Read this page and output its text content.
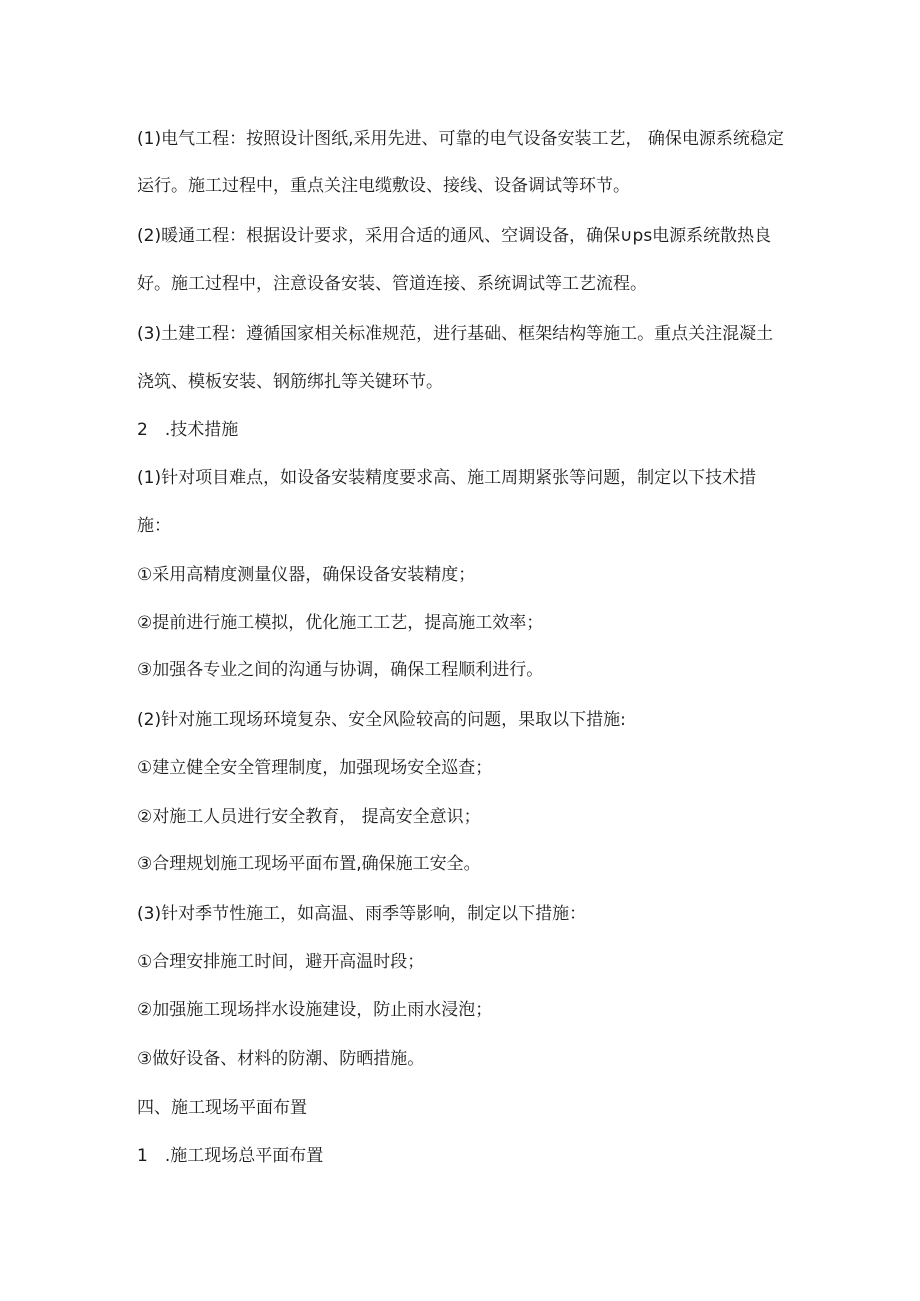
(1)电气工程：按照设计图纸,采用先进、可靠的电气设备安装工艺， 确保电源系统稳定

运行。施工过程中，重点关注电缆敷设、接线、设备调试等环节。

(2)暖通工程：根据设计要求，采用合适的通风、空调设备，确保∪ps电源系统散热良

好。施工过程中，注意设备安装、管道连接、系统调试等工艺流程。

(3)土建工程：遵循国家相关标准规范，进行基础、框架结构等施工。重点关注混凝土

浇筑、模板安装、钢筋绑扎等关键环节。

2　.技术措施

(1)针对项目难点，如设备安装精度要求高、施工周期紧张等问题，制定以下技术措

施：

①采用高精度测量仪器，确保设备安装精度；

②提前进行施工模拟，优化施工工艺，提高施工效率；

③加强各专业之间的沟通与协调，确保工程顺利进行。

(2)针对施工现场环境复杂、安全风险较高的问题，果取以下措施:

①建立健全安全管理制度，加强现场安全巡查；

②对施工人员进行安全教育， 提高安全意识；

③合理规划施工现场平面布置,确保施工安全。

(3)针对季节性施工，如高温、雨季等影响，制定以下措施：

①合理安排施工时间，避开高温时段；

②加强施工现场拌水设施建设，防止雨水浸泡；

③做好设备、材料的防潮、防晒措施。

四、施工现场平面布置

1　.施工现场总平面布置
